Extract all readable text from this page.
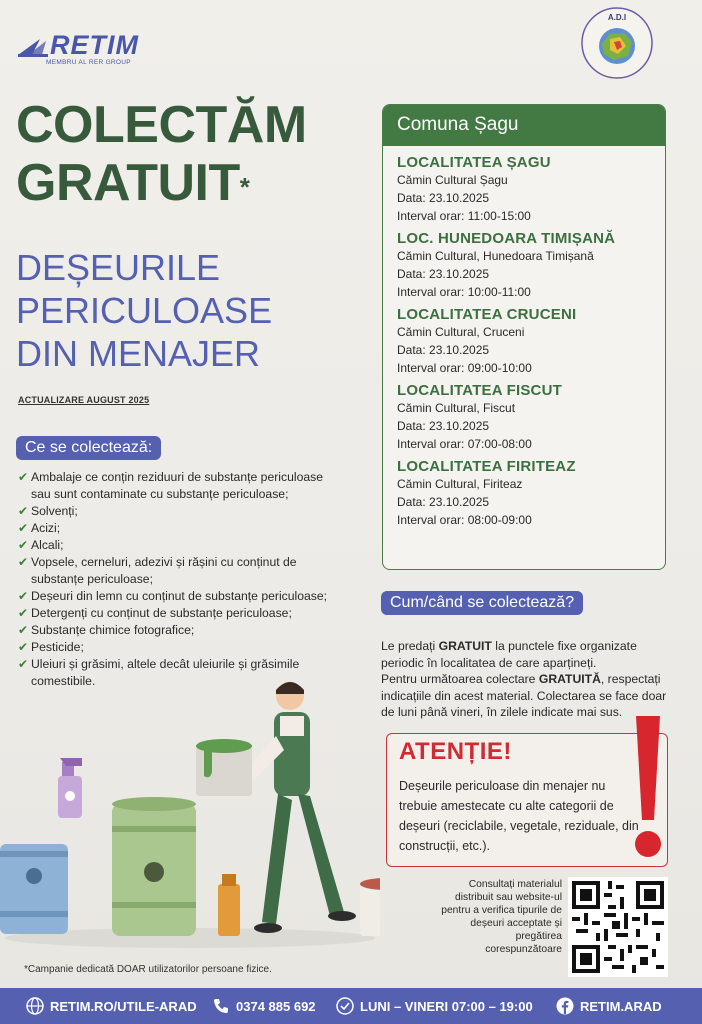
RETIM
MEMBRU AL RER GROUP
A.D.I
COLECTĂM
GRATUIT*
DEȘEURILE
PERICULOASE
DIN MENAJER
ACTUALIZARE AUGUST 2025
Ce se colectează:
✔ Ambalaje ce conțin reziduuri de substanțe periculoase sau sunt contaminate cu substanțe periculoase;
✔ Solvenți;
✔ Acizi;
✔ Alcali;
✔ Vopsele, cerneluri, adezivi și rășini cu conținut de substanțe periculoase;
✔ Deșeuri din lemn cu conținut de substanțe periculoase;
✔ Detergenți cu conținut de substanțe periculoase;
✔ Substanțe chimice fotografice;
✔ Pesticide;
✔ Uleiuri și grăsimi, altele decât uleiurile și grăsimile comestibile.
Comuna Șagu
LOCALITATEA ȘAGU
Cămin Cultural Șagu
Data: 23.10.2025
Interval orar: 11:00-15:00
LOC. HUNEDOARA TIMIȘANĂ
Cămin Cultural, Hunedoara Timișană
Data: 23.10.2025
Interval orar: 10:00-11:00
LOCALITATEA CRUCENI
Cămin Cultural, Cruceni
Data: 23.10.2025
Interval orar: 09:00-10:00
LOCALITATEA FISCUT
Cămin Cultural, Fiscut
Data: 23.10.2025
Interval orar: 07:00-08:00
LOCALITATEA FIRITEAZ
Cămin Cultural, Firiteaz
Data: 23.10.2025
Interval orar: 08:00-09:00
Cum/când se colectează?
Le predați GRATUIT la punctele fixe organizate periodic în localitatea de care aparțineți.
Pentru următoarea colectare GRATUITĂ, respectați indicațiile din acest material. Colectarea se face doar de luni până vineri, în zilele indicate mai sus.
ATENȚIE!
Deșeurile periculoase din menajer nu trebuie amestecate cu alte categorii de deșeuri (reciclabile, vegetale, reziduale, din construcții, etc.).
Consultați materialul distribuit sau website-ul pentru a verifica tipurile de deșeuri acceptate și pregătirea corespunzătoare
*Campanie dedicată DOAR utilizatorilor persoane fizice.
RETIM.RO/UTILE-ARAD	0374 885 692	LUNI – VINERI 07:00 – 19:00	RETIM.ARAD
